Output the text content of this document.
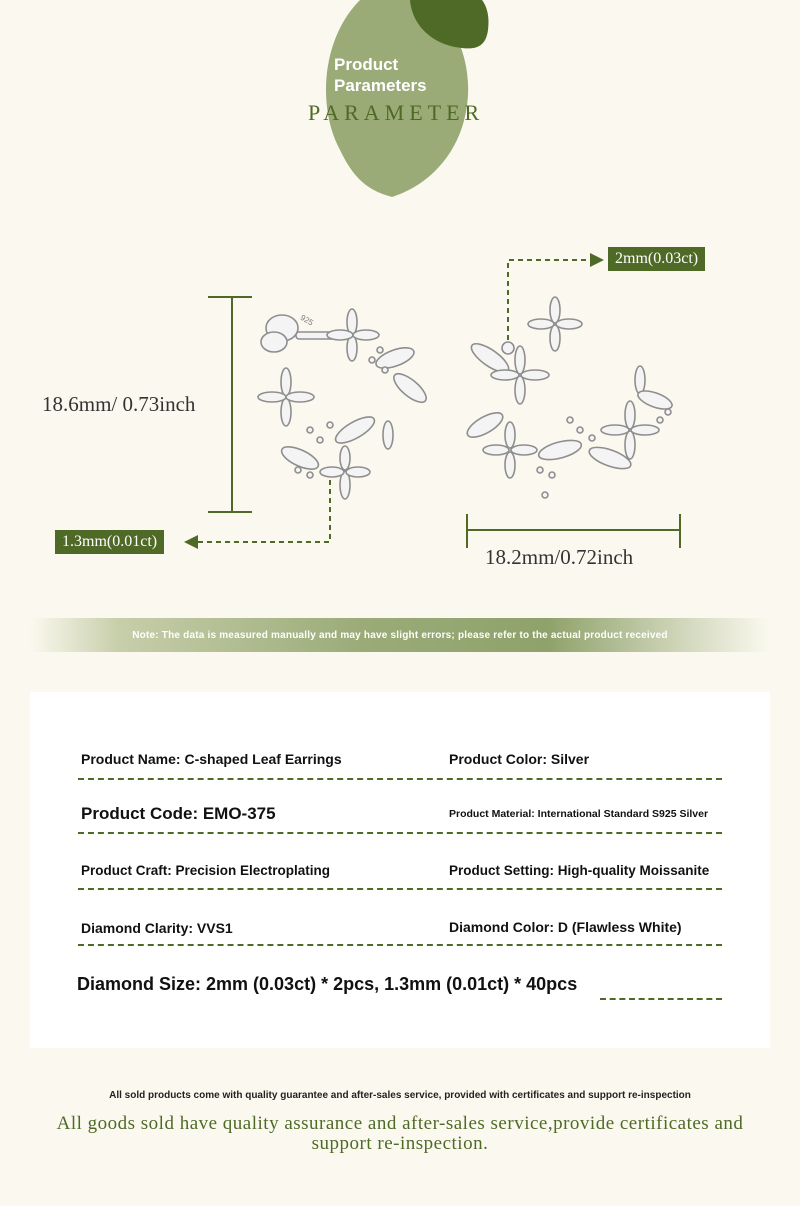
Product Parameters
PARAMETER
925
18.6mm/ 0.73inch
18.2mm/0.72inch
2mm(0.03ct)
1.3mm(0.01ct)
Note: The data is measured manually and may have slight errors; please refer to the actual product received
Product Name: C-shaped Leaf Earrings	Product Color: Silver
Product Code: EMO-375	Product Material: International Standard S925 Silver
Product Craft: Precision Electroplating	Product Setting: High-quality Moissanite
Diamond Clarity: VVS1	Diamond Color: D (Flawless White)
Diamond Size: 2mm (0.03ct) * 2pcs, 1.3mm (0.01ct) * 40pcs
All sold products come with quality guarantee and after-sales service, provided with certificates and support re-inspection
All goods sold have quality assurance and after-sales service,provide certificates and support re-inspection.
